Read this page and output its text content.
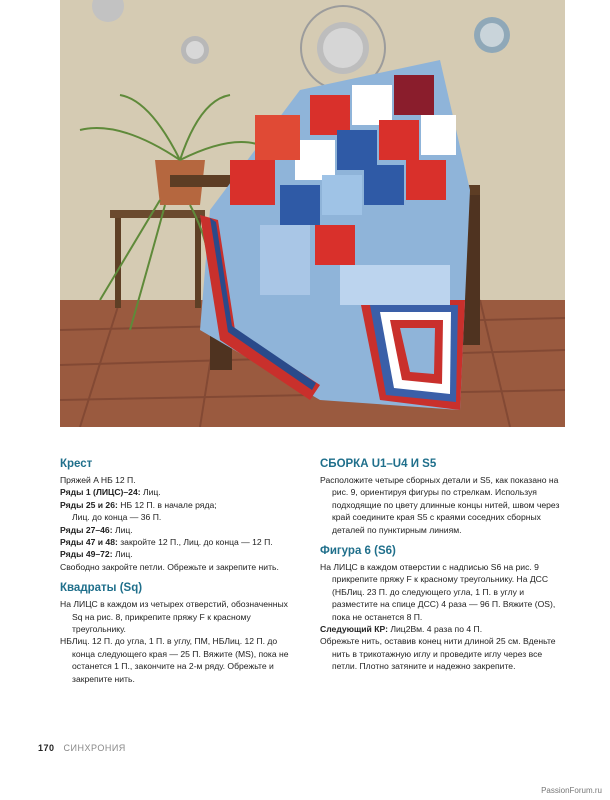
Крест

Пряжей A НБ 12 П.

Ряды 1 (ЛИЦС)–24: Лиц.

Ряды 25 и 26: НБ 12 П. в начале ряда;

Лиц. до конца — 36 П.

Ряды 27–46: Лиц.

Ряды 47 и 48: закройте 12 П., Лиц. до конца — 12 П.

Ряды 49–72: Лиц.

Свободно закройте петли. Обрежьте и закрепите нить.

Квадраты (Sq)

На ЛИЦС в каждом из четырех отверстий, обозначенных Sq на рис. 8, прикрепите пряжу F к красному треугольнику.

НБЛиц. 12 П. до угла, 1 П. в углу, ПМ, НБЛиц. 12 П. до конца следующего края — 25 П. Вяжите (MS), пока не останется 1 П., закончите на 2-м ряду. Обрежьте и закрепите нить.

СБОРКА U1–U4 И S5

Расположите четыре сборных детали и S5, как показано на рис. 9, ориентируя фигуры по стрелкам. Используя подходящие по цвету длинные концы нитей, швом через край соедините края S5 с краями соседних сборных деталей по пунктирным линиям.

Фигура 6 (S6)

На ЛИЦС в каждом отверстии с надписью S6 на рис. 9 прикрепите пряжу F к красному треугольнику. На ДСС (НБЛиц. 23 П. до следующего угла, 1 П. в углу и разместите на спице ДСС) 4 раза — 96 П. Вяжите (OS), пока не останется 8 П.

Следующий КР: Лиц2Вм. 4 раза по 4 П.

Обрежьте нить, оставив конец нити длиной 25 см. Вденьте нить в трикотажную иглу и проведите иглу через все петли. Плотно затяните и надежно закрепите.

170 СИНХРОНИЯ
PassionForum.ru
